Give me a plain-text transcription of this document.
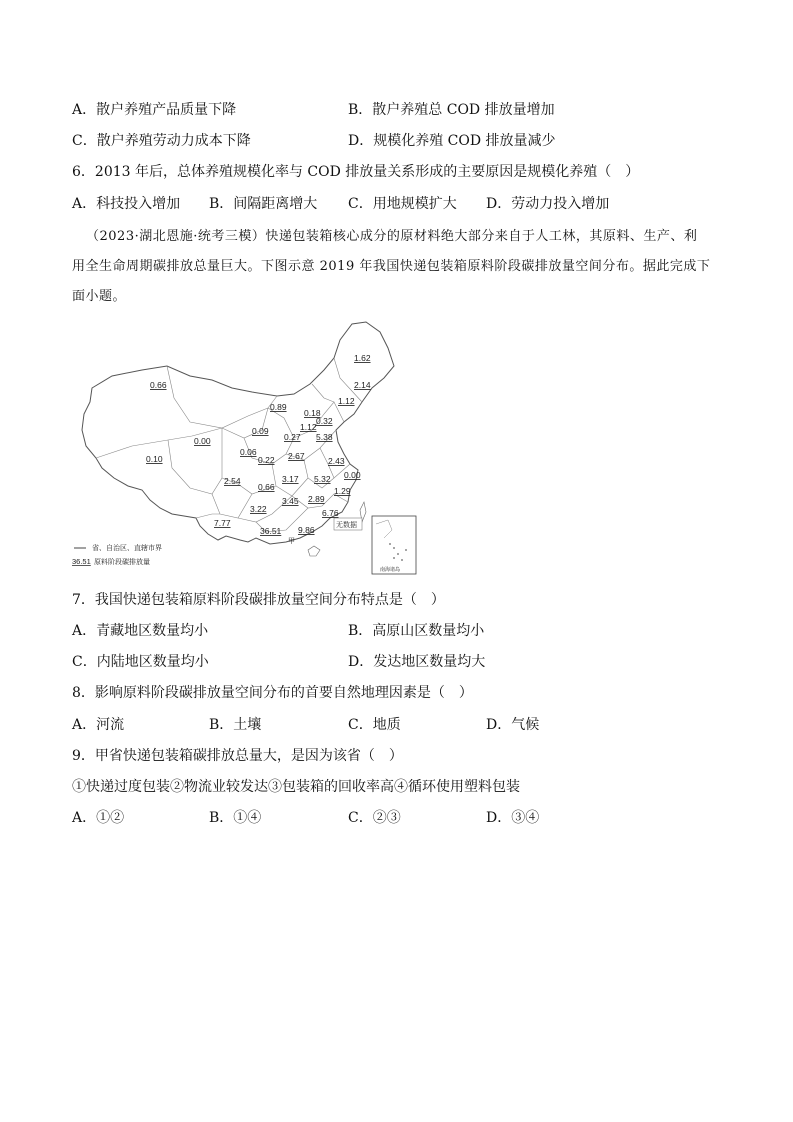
A．散户养殖产品质量下降	B．散户养殖总 COD 排放量增加
C．散户养殖劳动力成本下降	D．规模化养殖 COD 排放量减少
6．2013 年后，总体养殖规模化率与 COD 排放量关系形成的主要原因是规模化养殖（　）
A．科技投入增加 B．间隔距离增大 C．用地规模扩大 D．劳动力投入增加
（2023·湖北恩施·统考三模）快递包装箱核心成分的原材料绝大部分来自于人工林，其原料、生产、利
用全生命周期碳排放总量巨大。下图示意 2019 年我国快递包装箱原料阶段碳排放量空间分布。据此完成下
面小题。
1.62
2.14
1.12
0.66
0.89
0.18
0.32
1.12
0.09
0.27 5.38
0.00
0.06
0.22 2.67	2.43
0.10
0.00
2.54
0.66
3.17 5.32
1.29
3.45 2.89
3.22	6.76
7.77
36.51 9.86
甲
无数据
省、自治区、直辖市界
36.51 原料阶段碳排放量
南海诸岛
7．我国快递包装箱原料阶段碳排放量空间分布特点是（　）
A．青藏地区数量均小	B．高原山区数量均小
C．内陆地区数量均小	D．发达地区数量均大
8．影响原料阶段碳排放量空间分布的首要自然地理因素是（　）
A．河流	B．土壤	C．地质	D．气候
9．甲省快递包装箱碳排放总量大，是因为该省（　）
①快递过度包装②物流业较发达③包装箱的回收率高④循环使用塑料包装
A．①②	B．①④	C．②③	D．③④
